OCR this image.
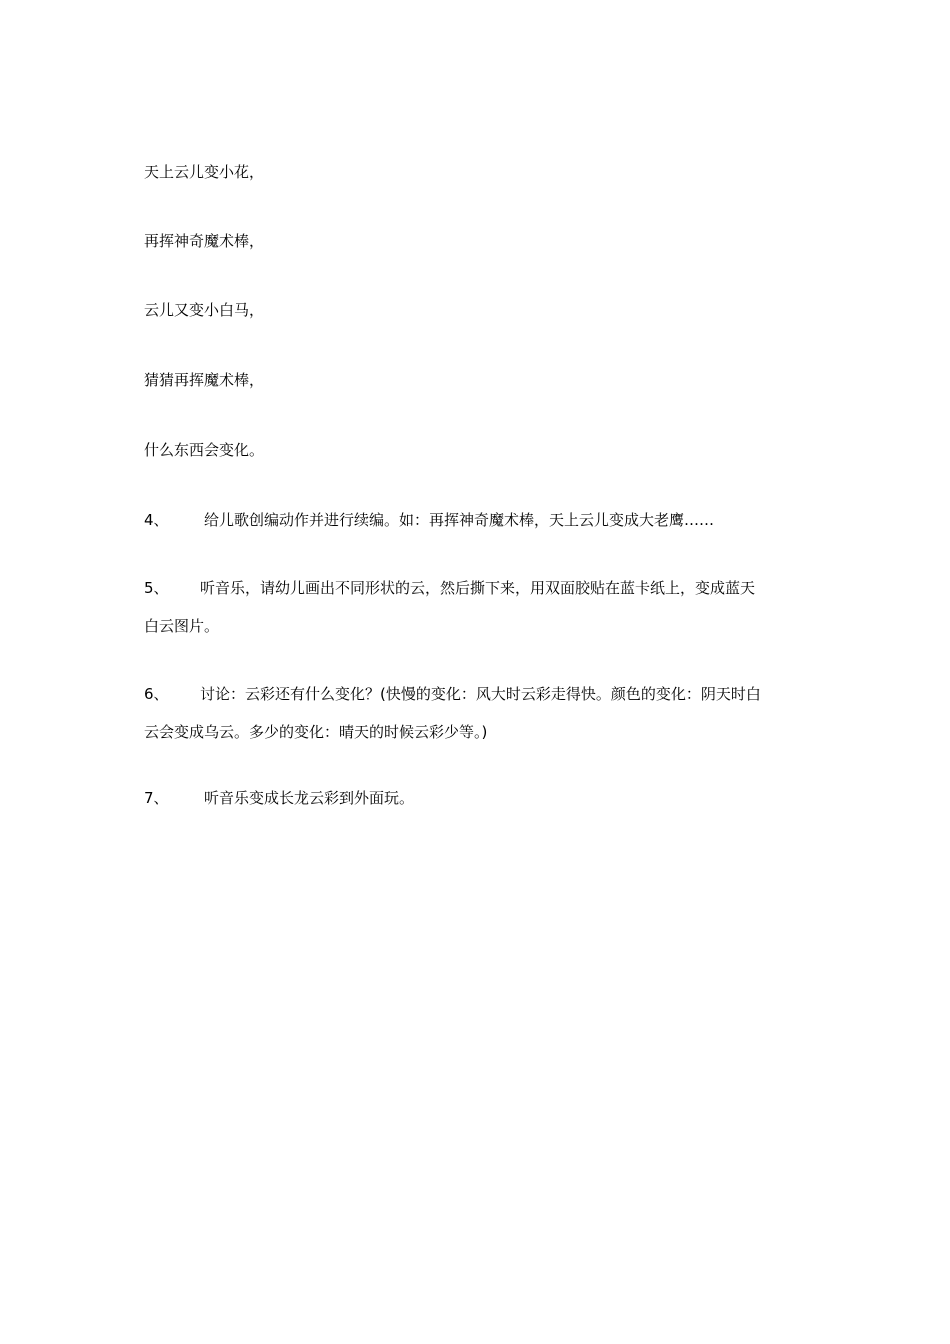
天上云儿变小花，
再挥神奇魔术棒，
云儿又变小白马，
猜猜再挥魔术棒，
什么东西会变化。
4、 给儿歌创编动作并进行续编。如：再挥神奇魔术棒，天上云儿变成大老鹰……
5、 听音乐，请幼儿画出不同形状的云，然后撕下来，用双面胶贴在蓝卡纸上，变成蓝天
白云图片。
6、 讨论：云彩还有什么变化？(快慢的变化：风大时云彩走得快。颜色的变化：阴天时白
云会变成乌云。多少的变化：晴天的时候云彩少等。)
7、 听音乐变成长龙云彩到外面玩。
